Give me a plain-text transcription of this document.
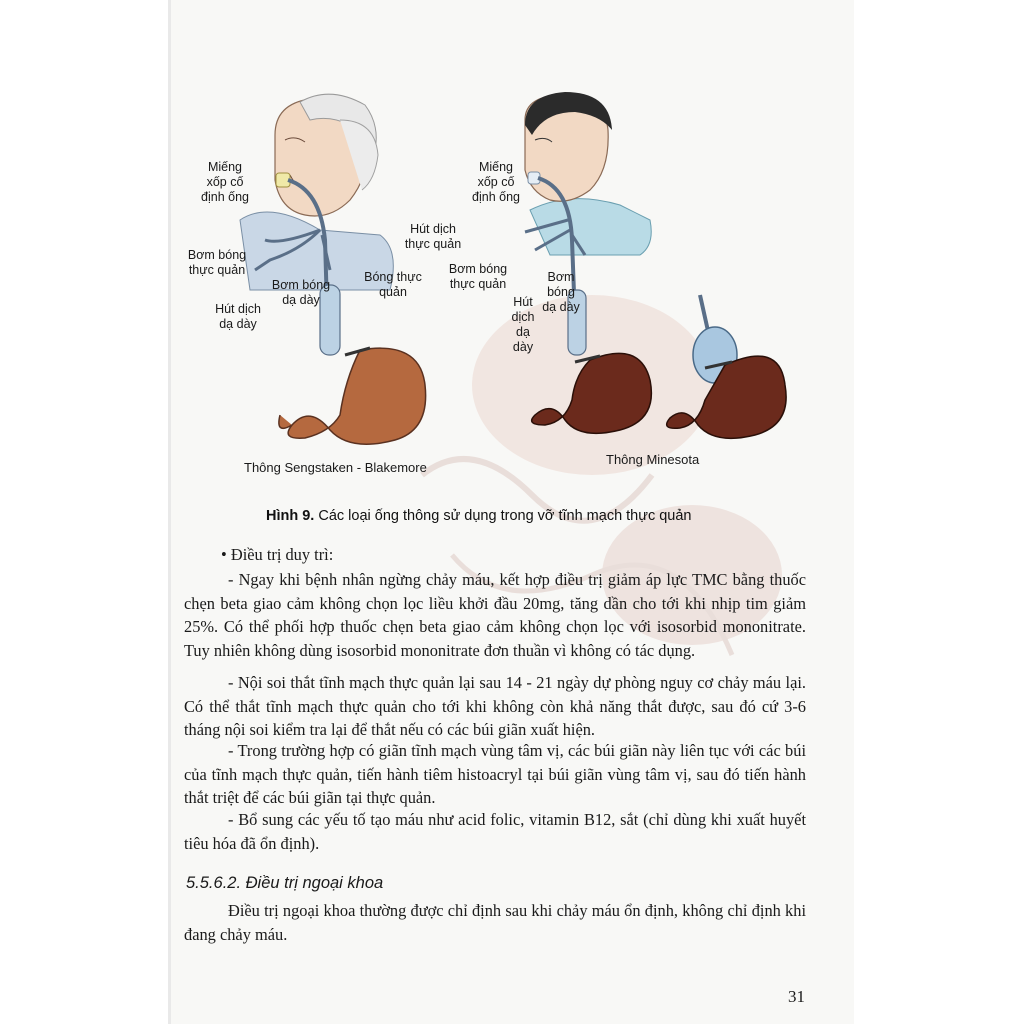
Miếng
xốp cố
định ống
Bơm bóng
thực quản
Hút dịch
dạ dày
Bơm bóng
dạ dày
Bóng thực
quản
Miếng
xốp cố
định ống
Hút dịch
thực quản
Bơm bóng
thực quản	Bơm
bóng
dạ dày
Hút
dịch
dạ
dày
Thông Sengstaken - Blakemore
Thông Minesota
Hình 9. Các loại ống thông sử dụng trong vỡ tĩnh mạch thực quản
• Điều trị duy trì:

- Ngay khi bệnh nhân ngừng chảy máu, kết hợp điều trị giảm áp lực TMC bằng thuốc chẹn beta giao cảm không chọn lọc liều khởi đầu 20mg, tăng dần cho tới khi nhịp tim giảm 25%. Có thể phối hợp thuốc chẹn beta giao cảm không chọn lọc với isosorbid mononitrate. Tuy nhiên không dùng isosorbid mononitrate đơn thuần vì không có tác dụng.

- Nội soi thắt tĩnh mạch thực quản lại sau 14 - 21 ngày dự phòng nguy cơ chảy máu lại. Có thể thắt tĩnh mạch thực quản cho tới khi không còn khả năng thắt được, sau đó cứ 3-6 tháng nội soi kiểm tra lại để thắt nếu có các búi giãn xuất hiện.

- Trong trường hợp có giãn tĩnh mạch vùng tâm vị, các búi giãn này liên tục với các búi của tĩnh mạch thực quản, tiến hành tiêm histoacryl tại búi giãn vùng tâm vị, sau đó tiến hành thắt triệt để các búi giãn tại thực quản.

- Bổ sung các yếu tố tạo máu như acid folic, vitamin B12, sắt (chỉ dùng khi xuất huyết tiêu hóa đã ổn định).

5.5.6.2. Điều trị ngoại khoa

Điều trị ngoại khoa thường được chỉ định sau khi chảy máu ổn định, không chỉ định khi đang chảy máu.

31
